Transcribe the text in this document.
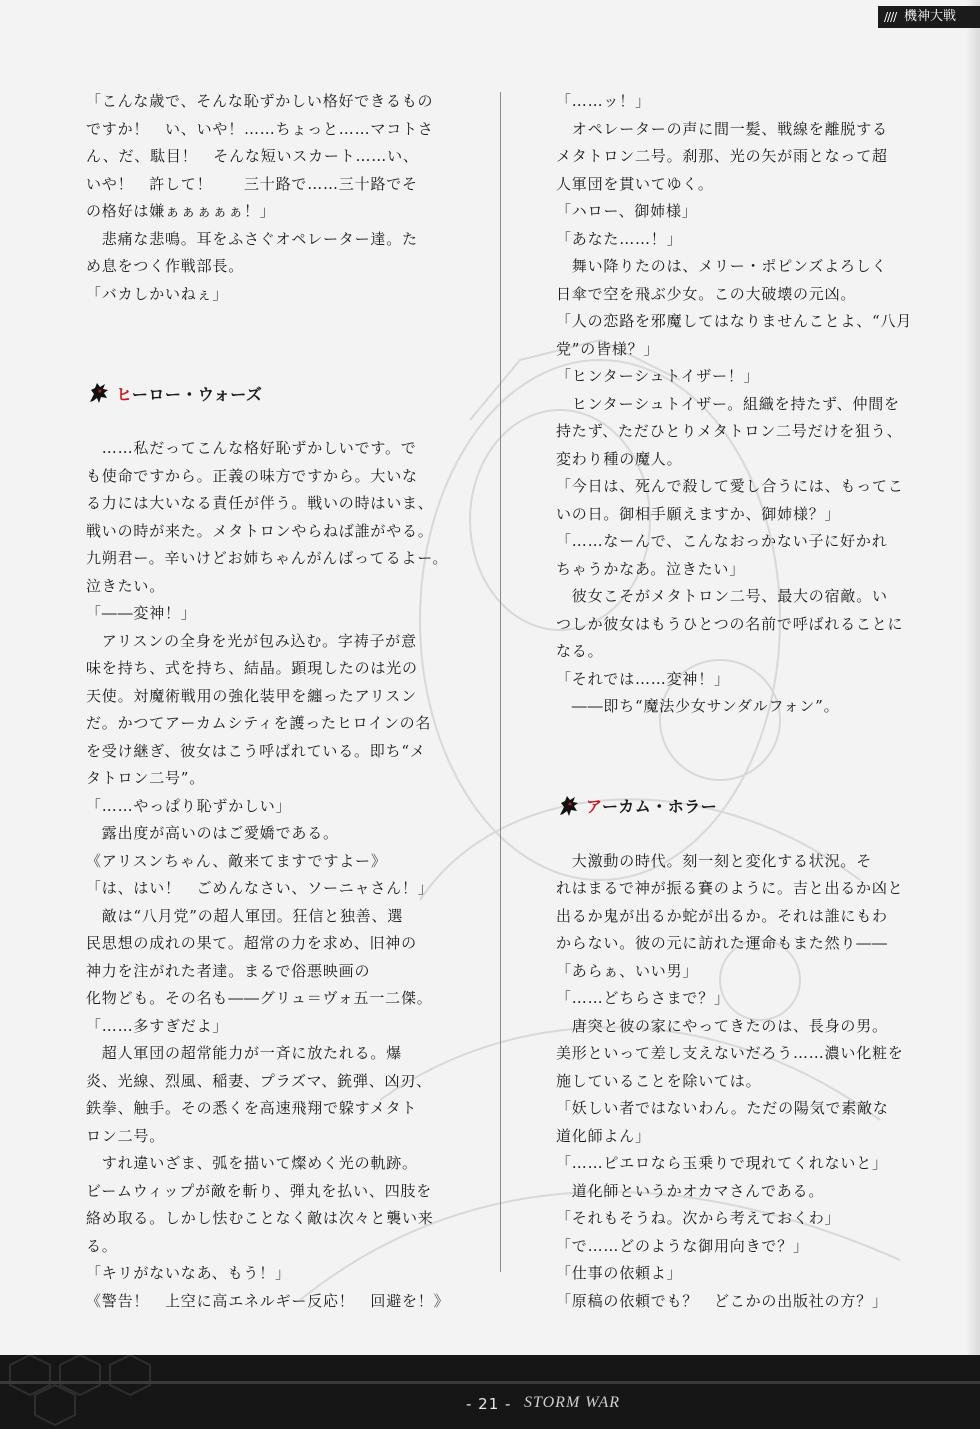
//// 機神大戦
「こんな歳で、そんな恥ずかしい格好できるもの
ですか！　い、いや！……ちょっと……マコトさ
ん、だ、駄目！　そんな短いスカート……い、
いや！　許して！　　三十路で……三十路でそ
の格好は嫌ぁぁぁぁぁ！」
　悲痛な悲鳴。耳をふさぐオペレーター達。た
め息をつく作戦部長。
「バカしかいねぇ」
ヒーロー・ウォーズ
　……私だってこんな格好恥ずかしいです。で
も使命ですから。正義の味方ですから。大いな
る力には大いなる責任が伴う。戦いの時はいま、
戦いの時が来た。メタトロンやらねば誰がやる。
九朔君ー。辛いけどお姉ちゃんがんばってるよー。
泣きたい。
「――変神！」
　アリスンの全身を光が包み込む。字祷子が意
味を持ち、式を持ち、結晶。顕現したのは光の
天使。対魔術戦用の強化装甲を纏ったアリスン
だ。かつてアーカムシティを護ったヒロインの名
を受け継ぎ、彼女はこう呼ばれている。即ち“メ
タトロン二号”。
「……やっぱり恥ずかしい」
　露出度が高いのはご愛嬌である。
《アリスンちゃん、敵来てますですよー》
「は、はい！　ごめんなさい、ソーニャさん！」
　敵は“八月党”の超人軍団。狂信と独善、選
民思想の成れの果て。超常の力を求め、旧神の
神力を注がれた者達。まるで俗悪映画の
化物ども。その名も――グリュ＝ヴォ五一二傑。
「……多すぎだよ」
　超人軍団の超常能力が一斉に放たれる。爆
炎、光線、烈風、稲妻、プラズマ、銃弾、凶刃、
鉄拳、触手。その悉くを高速飛翔で躱すメタト
ロン二号。
　すれ違いざま、弧を描いて燦めく光の軌跡。
ビームウィップが敵を斬り、弾丸を払い、四肢を
絡め取る。しかし怯むことなく敵は次々と襲い来
る。
「キリがないなあ、もう！」
《警告！　上空に高エネルギー反応！　回避を！》
「……ッ！」
　オペレーターの声に間一髪、戦線を離脱する
メタトロン二号。刹那、光の矢が雨となって超
人軍団を貫いてゆく。
「ハロー、御姉様」
「あなた……！」
　舞い降りたのは、メリー・ポピンズよろしく
日傘で空を飛ぶ少女。この大破壊の元凶。
「人の恋路を邪魔してはなりませんことよ、“八月
党”の皆様？」
「ヒンターシュトイザー！」
　ヒンターシュトイザー。組織を持たず、仲間を
持たず、ただひとりメタトロン二号だけを狙う、
変わり種の魔人。
「今日は、死んで殺して愛し合うには、もってこ
いの日。御相手願えますか、御姉様？」
「……なーんで、こんなおっかない子に好かれ
ちゃうかなあ。泣きたい」
　彼女こそがメタトロン二号、最大の宿敵。い
つしか彼女はもうひとつの名前で呼ばれることに
なる。
「それでは……変神！」
　――即ち“魔法少女サンダルフォン”。
アーカム・ホラー
　大激動の時代。刻一刻と変化する状況。そ
れはまるで神が振る賽のように。吉と出るか凶と
出るか鬼が出るか蛇が出るか。それは誰にもわ
からない。彼の元に訪れた運命もまた然り――
「あらぁ、いい男」
「……どちらさまで？」
　唐突と彼の家にやってきたのは、長身の男。
美形といって差し支えないだろう……濃い化粧を
施していることを除いては。
「妖しい者ではないわん。ただの陽気で素敵な
道化師よん」
「……ピエロなら玉乗りで現れてくれないと」
　道化師というかオカマさんである。
「それもそうね。次から考えておくわ」
「で……どのような御用向きで？」
「仕事の依頼よ」
「原稿の依頼でも？　どこかの出版社の方？」
- 21 - STORM WAR
